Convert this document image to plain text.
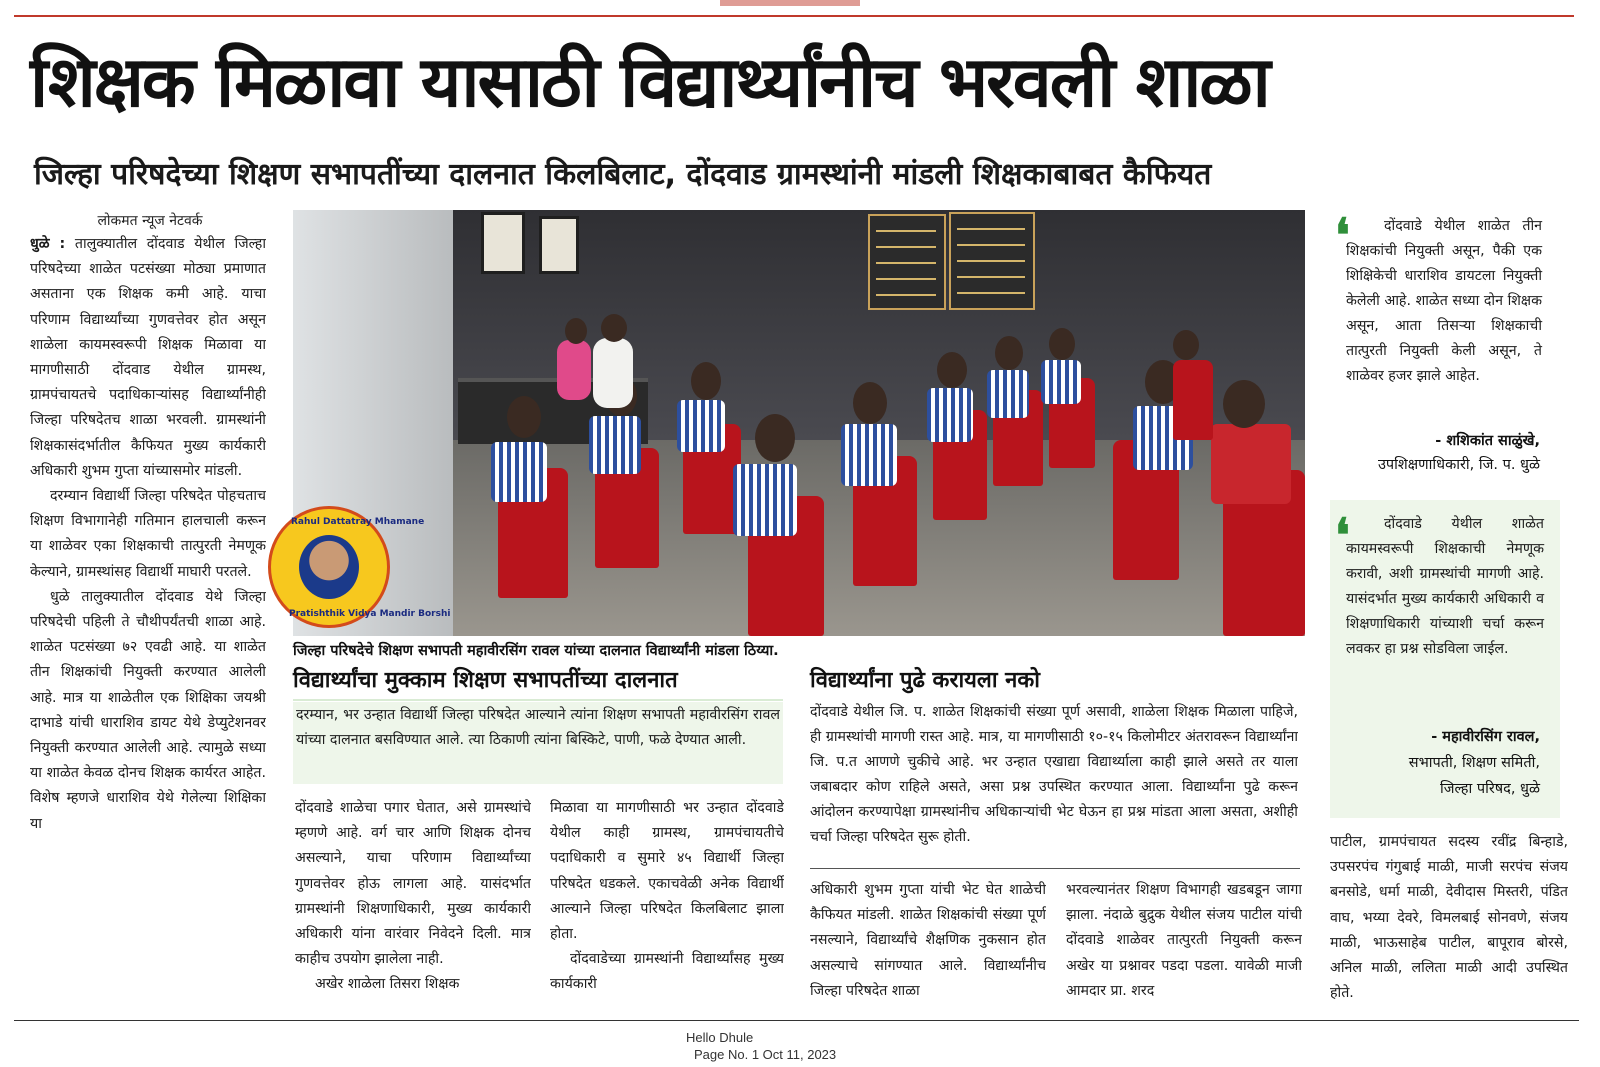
शिक्षक मिळावा यासाठी विद्यार्थ्यांनीच भरवली शाळा
जिल्हा परिषदेच्या शिक्षण सभापतींच्या दालनात किलबिलाट, दोंदवाड ग्रामस्थांनी मांडली शिक्षकाबाबत कैफियत
लोकमत न्यूज नेटवर्क

धुळे : तालुक्यातील दोंदवाड येथील जिल्हा परिषदेच्या शाळेत पटसंख्या मोठ्या प्रमाणात असताना एक शिक्षक कमी आहे. याचा परिणाम विद्यार्थ्यांच्या गुणवत्तेवर होत असून शाळेला कायमस्वरूपी शिक्षक मिळावा या मागणीसाठी दोंदवाड येथील ग्रामस्थ, ग्रामपंचायतचे पदाधिकाऱ्यांसह विद्यार्थ्यांनीही जिल्हा परिषदेतच शाळा भरवली. ग्रामस्थांनी शिक्षकासंदर्भातील कैफियत मुख्य कार्यकारी अधिकारी शुभम गुप्ता यांच्यासमोर मांडली.

दरम्यान विद्यार्थी जिल्हा परिषदेत पोहचताच शिक्षण विभागानेही गतिमान हालचाली करून या शाळेवर एका शिक्षकाची तात्पुरती नेमणूक केल्याने, ग्रामस्थांसह विद्यार्थी माघारी परतले.

धुळे तालुक्यातील दोंदवाड येथे जिल्हा परिषदेची पहिली ते चौथीपर्यंतची शाळा आहे. शाळेत पटसंख्या ७२ एवढी आहे. या शाळेत तीन शिक्षकांची नियुक्ती करण्यात आलेली आहे. मात्र या शाळेतील एक शिक्षिका जयश्री दाभाडे यांची धाराशिव डायट येथे डेप्युटेशनवर नियुक्ती करण्यात आलेली आहे. त्यामुळे सध्या या शाळेत केवळ दोनच शिक्षक कार्यरत आहेत. विशेष म्हणजे धाराशिव येथे गेलेल्या शिक्षिका या

Rahul Dattatray Mhamane
Pratishthik Vidya Mandir Borshi
जिल्हा परिषदेचे शिक्षण सभापती महावीरसिंग रावल यांच्या दालनात विद्यार्थ्यांनी मांडला ठिय्या.
विद्यार्थ्यांचा मुक्काम शिक्षण सभापतींच्या दालनात
दरम्यान, भर उन्हात विद्यार्थी जिल्हा परिषदेत आल्याने त्यांना शिक्षण सभापती महावीरसिंग रावल यांच्या दालनात बसविण्यात आले. त्या ठिकाणी त्यांना बिस्किटे, पाणी, फळे देण्यात आली.

दोंदवाडे शाळेचा पगार घेतात, असे ग्रामस्थांचे म्हणणे आहे. वर्ग चार आणि शिक्षक दोनच असल्याने, याचा परिणाम विद्यार्थ्यांच्या गुणवत्तेवर होऊ लागला आहे. यासंदर्भात ग्रामस्थांनी शिक्षणाधिकारी, मुख्य कार्यकारी अधिकारी यांना वारंवार निवेदने दिली. मात्र काहीच उपयोग झालेला नाही.

अखेर शाळेला तिसरा शिक्षक

मिळावा या मागणीसाठी भर उन्हात दोंदवाडे येथील काही ग्रामस्थ, ग्रामपंचायतीचे पदाधिकारी व सुमारे ४५ विद्यार्थी जिल्हा परिषदेत धडकले. एकाचवेळी अनेक विद्यार्थी आल्याने जिल्हा परिषदेत किलबिलाट झाला होता.

दोंदवाडेच्या ग्रामस्थांनी विद्यार्थ्यांसह मुख्य कार्यकारी

विद्यार्थ्यांना पुढे करायला नको
दोंदवाडे येथील जि. प. शाळेत शिक्षकांची संख्या पूर्ण असावी, शाळेला शिक्षक मिळाला पाहिजे, ही ग्रामस्थांची मागणी रास्त आहे. मात्र, या मागणीसाठी १०-१५ किलोमीटर अंतरावरून विद्यार्थ्यांना जि. प.त आणणे चुकीचे आहे. भर उन्हात एखाद्या विद्यार्थ्याला काही झाले असते तर याला जबाबदार कोण राहिले असते, असा प्रश्न उपस्थित करण्यात आला. विद्यार्थ्यांना पुढे करून आंदोलन करण्यापेक्षा ग्रामस्थांनीच अधिकाऱ्यांची भेट घेऊन हा प्रश्न मांडता आला असता, अशीही चर्चा जिल्हा परिषदेत सुरू होती.
अधिकारी शुभम गुप्ता यांची भेट घेत शाळेची कैफियत मांडली. शाळेत शिक्षकांची संख्या पूर्ण नसल्याने, विद्यार्थ्यांचे शैक्षणिक नुकसान होत असल्याचे सांगण्यात आले. विद्यार्थ्यांनीच जिल्हा परिषदेत शाळा
भरवल्यानंतर शिक्षण विभागही खडबडून जागा झाला. नंदाळे बुद्रुक येथील संजय पाटील यांची दोंदवाडे शाळेवर तात्पुरती नियुक्ती करून अखेर या प्रश्नावर पडदा पडला. यावेळी माजी आमदार प्रा. शरद
❛	दोंदवाडे येथील शाळेत तीन शिक्षकांची नियुक्ती असून, पैकी एक शिक्षिकेची धाराशिव डायटला नियुक्ती केलेली आहे. शाळेत सध्या दोन शिक्षक असून, आता तिसऱ्या शिक्षकाची तात्पुरती नियुक्ती केली असून, ते शाळेवर हजर झाले आहेत.
- शशिकांत साळुंखे,
उपशिक्षणाधिकारी, जि. प. धुळे
❛	दोंदवाडे येथील शाळेत कायमस्वरूपी शिक्षकाची नेमणूक करावी, अशी ग्रामस्थांची मागणी आहे. यासंदर्भात मुख्य कार्यकारी अधिकारी व शिक्षणाधिकारी यांच्याशी चर्चा करून लवकर हा प्रश्न सोडविला जाईल.
- महावीरसिंग रावल,
सभापती, शिक्षण समिती,
जिल्हा परिषद, धुळे
पाटील, ग्रामपंचायत सदस्य रवींद्र बिन्हाडे, उपसरपंच गंगुबाई माळी, माजी सरपंच संजय बनसोडे, धर्मा माळी, देवीदास मिस्तरी, पंडित वाघ, भय्या देवरे, विमलबाई सोनवणे, संजय माळी, भाऊसाहेब पाटील, बापूराव बोरसे, अनिल माळी, ललिता माळी आदी उपस्थित होते.
Hello Dhule
Page No. 1 Oct 11, 2023
